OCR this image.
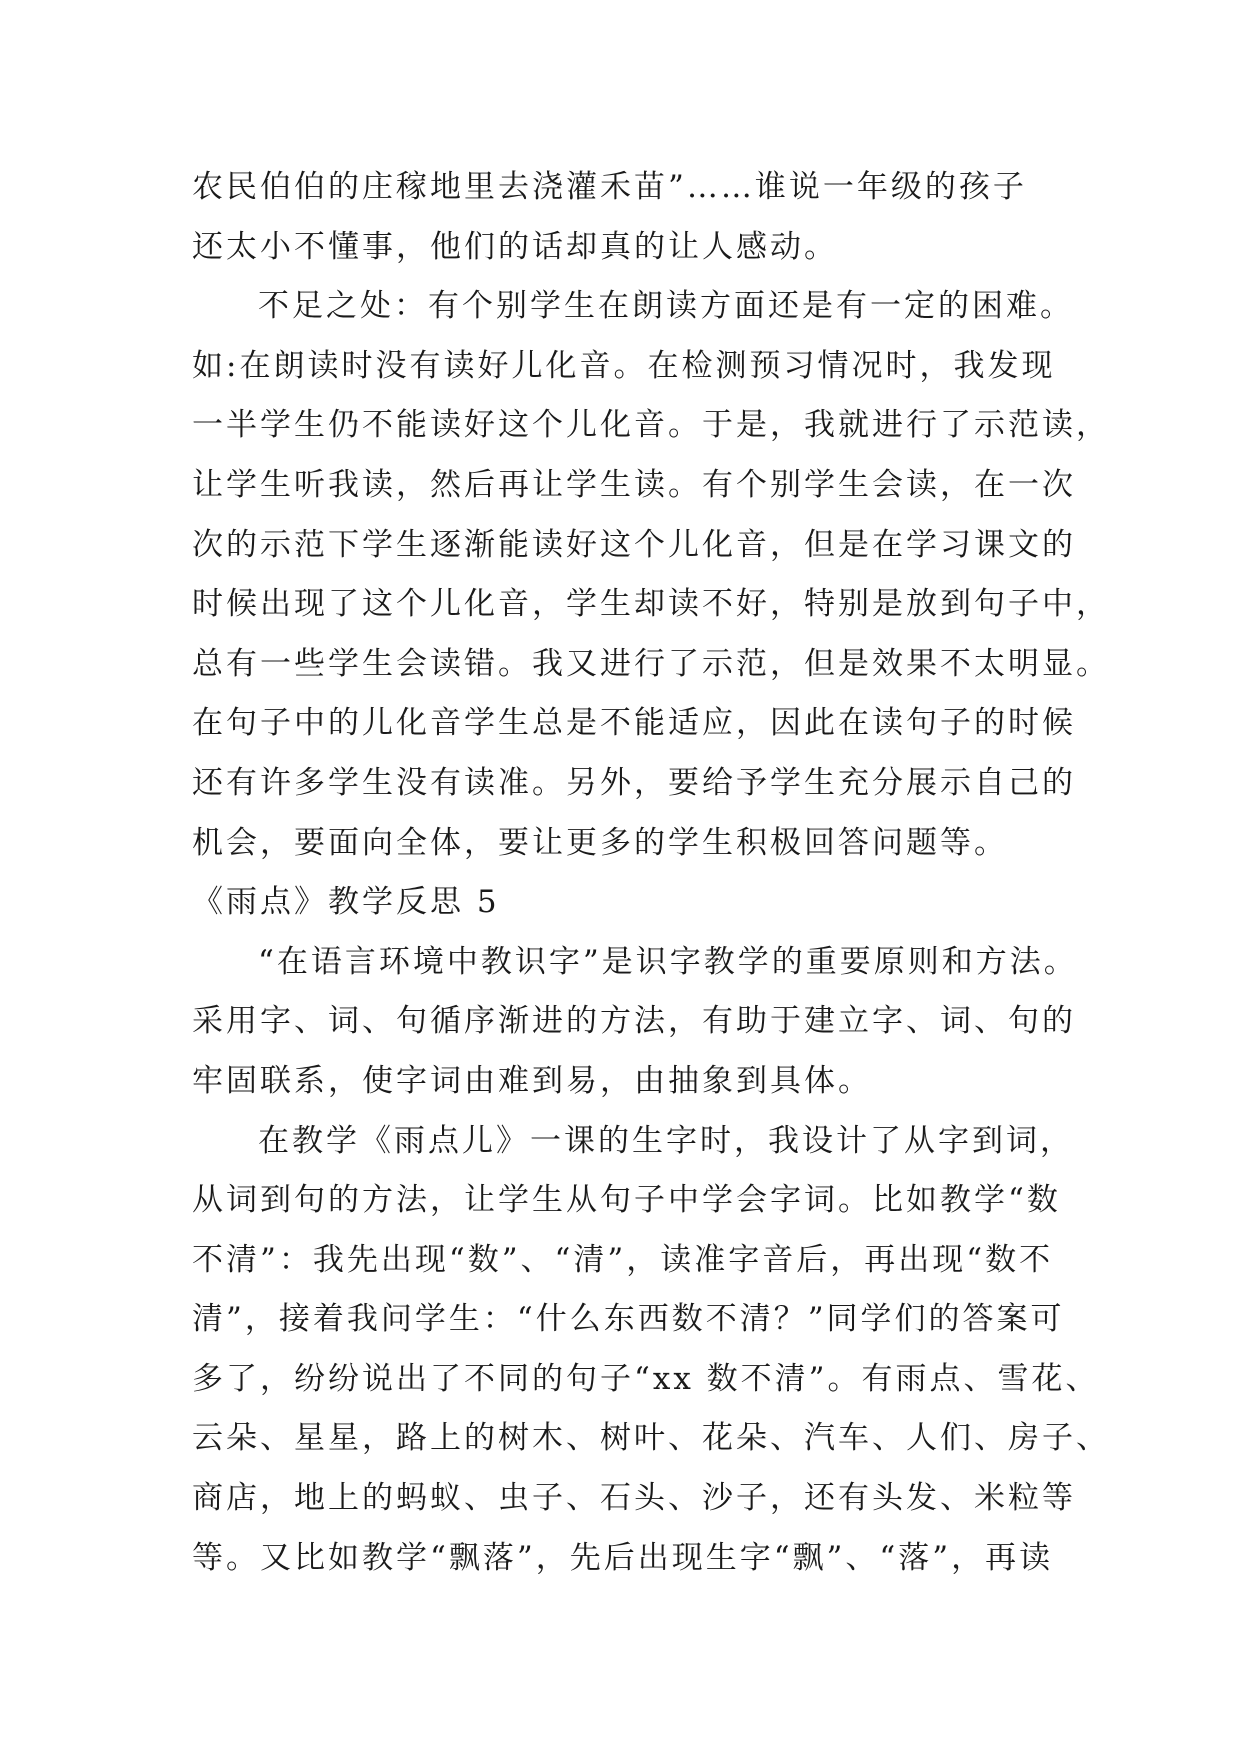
农民伯伯的庄稼地里去浇灌禾苗”……谁说一年级的孩子
还太小不懂事，他们的话却真的让人感动。
不足之处：有个别学生在朗读方面还是有一定的困难。
如:在朗读时没有读好儿化音。在检测预习情况时，我发现
一半学生仍不能读好这个儿化音。于是，我就进行了示范读，
让学生听我读，然后再让学生读。有个别学生会读，在一次
次的示范下学生逐渐能读好这个儿化音，但是在学习课文的
时候出现了这个儿化音，学生却读不好，特别是放到句子中，
总有一些学生会读错。我又进行了示范，但是效果不太明显。
在句子中的儿化音学生总是不能适应，因此在读句子的时候
还有许多学生没有读准。另外，要给予学生充分展示自己的
机会，要面向全体，要让更多的学生积极回答问题等。
《雨点》教学反思 5
“在语言环境中教识字”是识字教学的重要原则和方法。
采用字、词、句循序渐进的方法，有助于建立字、词、句的
牢固联系，使字词由难到易，由抽象到具体。
在教学《雨点儿》一课的生字时，我设计了从字到词，
从词到句的方法，让学生从句子中学会字词。比如教学“数
不清”：我先出现“数”、“清”，读准字音后，再出现“数不
清”，接着我问学生：“什么东西数不清？”同学们的答案可
多了，纷纷说出了不同的句子“xx 数不清”。有雨点、雪花、
云朵、星星，路上的树木、树叶、花朵、汽车、人们、房子、
商店，地上的蚂蚁、虫子、石头、沙子，还有头发、米粒等
等。又比如教学“飘落”，先后出现生字“飘”、“落”，再读
